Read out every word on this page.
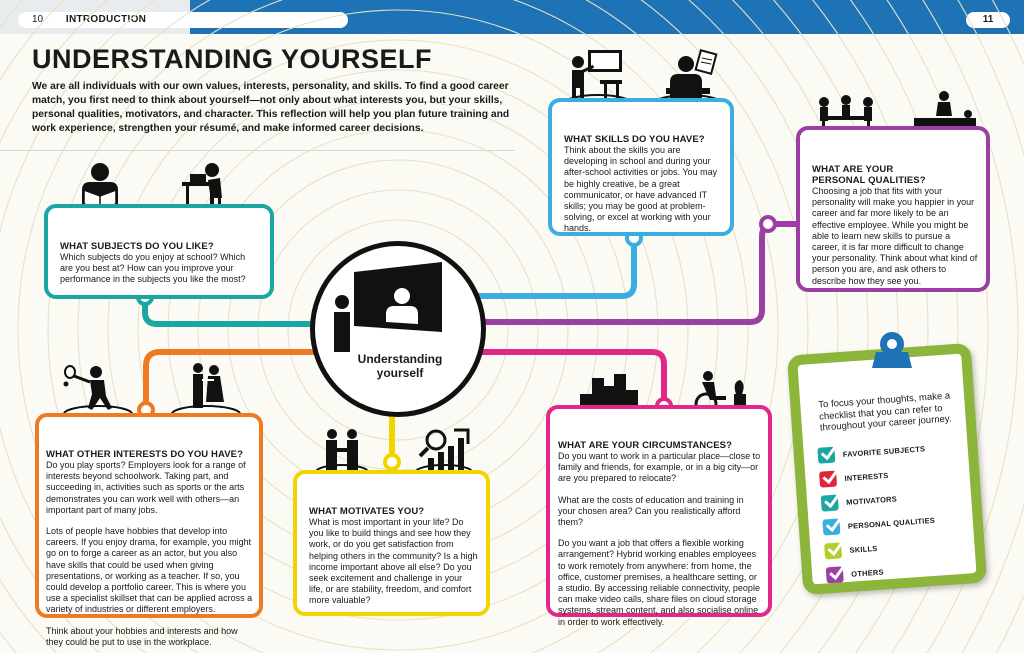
10 INTRODUCTION	11
UNDERSTANDING YOURSELF
We are all individuals with our own values, interests, personality, and skills. To find a good career match, you first need to think about yourself—not only about what interests you, but your skills, personal qualities, motivators, and character. This reflection will help you plan future training and work experience, strengthen your résumé, and make informed career decisions.
WHAT SUBJECTS DO YOU LIKE?

Which subjects do you enjoy at school? Which are you best at? How can you improve your performance in the subjects you like the most?

WHAT SKILLS DO YOU HAVE?

Think about the skills you are developing in school and during your after-school activities or jobs. You may be highly creative, be a great communicator, or have advanced IT skills; you may be good at problem-solving, or excel at working with your hands.

WHAT ARE YOUR
PERSONAL QUALITIES?

Choosing a job that fits with your personality will make you happier in your career and far more likely to be an effective employee. While you might be able to learn new skills to pursue a career, it is far more difficult to change your personality. Think about what kind of person you are, and ask others to describe how they see you.

Understanding
yourself
WHAT OTHER INTERESTS DO YOU HAVE?

Do you play sports? Employers look for a range of interests beyond schoolwork. Taking part, and succeeding in, activities such as sports or the arts demonstrates you can work well with others—an important part of many jobs.

Lots of people have hobbies that develop into careers. If you enjoy drama, for example, you might go on to forge a career as an actor, but you also have skills that could be used when giving presentations, or working as a teacher. If so, you could develop a portfolio career. This is where you use a specialist skillset that can be applied across a variety of industries or different employers.

Think about your hobbies and interests and how they could be put to use in the workplace.

WHAT MOTIVATES YOU?

What is most important in your life? Do you like to build things and see how they work, or do you get satisfaction from helping others in the community? Is a high income important above all else? Do you seek excitement and challenge in your life, or are stability, freedom, and comfort more valuable?

WHAT ARE YOUR CIRCUMSTANCES?

Do you want to work in a particular place—close to family and friends, for example, or in a big city—or are you prepared to relocate?

What are the costs of education and training in your chosen area? Can you realistically afford them?

Do you want a job that offers a flexible working arrangement? Hybrid working enables employees to work remotely from anywhere: from home, the office, customer premises, a healthcare setting, or a studio. By accessing reliable connectivity, people can make video calls, share files on cloud storage systems, stream content, and also socialise online in order to work effectively.

To focus your thoughts, make a checklist that you can refer to throughout your career journey.
FAVORITE SUBJECTS
INTERESTS
MOTIVATORS
PERSONAL QUALITIES
SKILLS
OTHERS
